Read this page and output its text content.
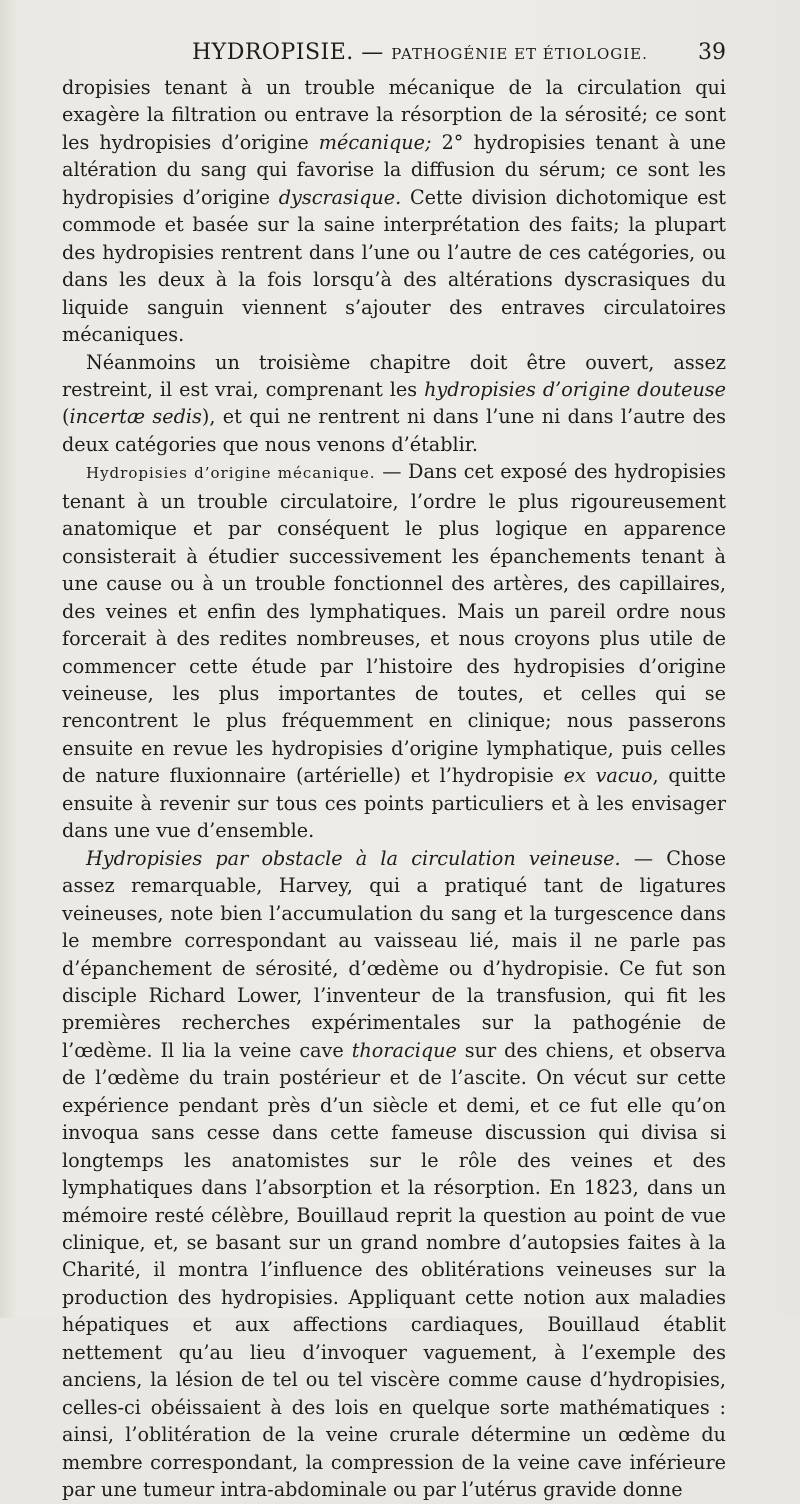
HYDROPISIE. — PATHOGÉNIE ET ÉTIOLOGIE. 39

dropisies tenant à un trouble mécanique de la circulation qui exagère la filtration ou entrave la résorption de la sérosité; ce sont les hydropisies d’origine mécanique; 2° hydropisies tenant à une altération du sang qui favorise la diffusion du sérum; ce sont les hydropisies d’origine dyscrasique. Cette division dichotomique est commode et basée sur la saine interprétation des faits; la plupart des hydropisies rentrent dans l’une ou l’autre de ces catégories, ou dans les deux à la fois lorsqu’à des altérations dyscrasiques du liquide sanguin viennent s’ajouter des entraves circulatoires mécaniques.

Néanmoins un troisième chapitre doit être ouvert, assez restreint, il est vrai, comprenant les hydropisies d’origine douteuse (incertæ sedis), et qui ne rentrent ni dans l’une ni dans l’autre des deux catégories que nous venons d’établir.

Hydropisies d’origine mécanique. — Dans cet exposé des hydropisies tenant à un trouble circulatoire, l’ordre le plus rigoureusement anatomique et par conséquent le plus logique en apparence consisterait à étudier successivement les épanchements tenant à une cause ou à un trouble fonctionnel des artères, des capillaires, des veines et enfin des lymphatiques. Mais un pareil ordre nous forcerait à des redites nombreuses, et nous croyons plus utile de commencer cette étude par l’histoire des hydropisies d’origine veineuse, les plus importantes de toutes, et celles qui se rencontrent le plus fréquemment en clinique; nous passerons ensuite en revue les hydropisies d’origine lymphatique, puis celles de nature fluxionnaire (artérielle) et l’hydropisie ex vacuo, quitte ensuite à revenir sur tous ces points particuliers et à les envisager dans une vue d’ensemble.

Hydropisies par obstacle à la circulation veineuse. — Chose assez remarquable, Harvey, qui a pratiqué tant de ligatures veineuses, note bien l’accumulation du sang et la turgescence dans le membre correspondant au vaisseau lié, mais il ne parle pas d’épanchement de sérosité, d’œdème ou d’hydropisie. Ce fut son disciple Richard Lower, l’inventeur de la transfusion, qui fit les premières recherches expérimentales sur la pathogénie de l’œdème. Il lia la veine cave thoracique sur des chiens, et observa de l’œdème du train postérieur et de l’ascite. On vécut sur cette expérience pendant près d’un siècle et demi, et ce fut elle qu’on invoqua sans cesse dans cette fameuse discussion qui divisa si longtemps les anatomistes sur le rôle des veines et des lymphatiques dans l’absorption et la résorption. En 1823, dans un mémoire resté célèbre, Bouillaud reprit la question au point de vue clinique, et, se basant sur un grand nombre d’autopsies faites à la Charité, il montra l’influence des oblitérations veineuses sur la production des hydropisies. Appliquant cette notion aux maladies hépatiques et aux affections cardiaques, Bouillaud établit nettement qu’au lieu d’invoquer vaguement, à l’exemple des anciens, la lésion de tel ou tel viscère comme cause d’hydropisies, celles-ci obéissaient à des lois en quelque sorte mathématiques : ainsi, l’oblitération de la veine crurale détermine un œdème du membre correspondant, la compression de la veine cave inférieure par une tumeur intra-abdominale ou par l’utérus gravide donne
